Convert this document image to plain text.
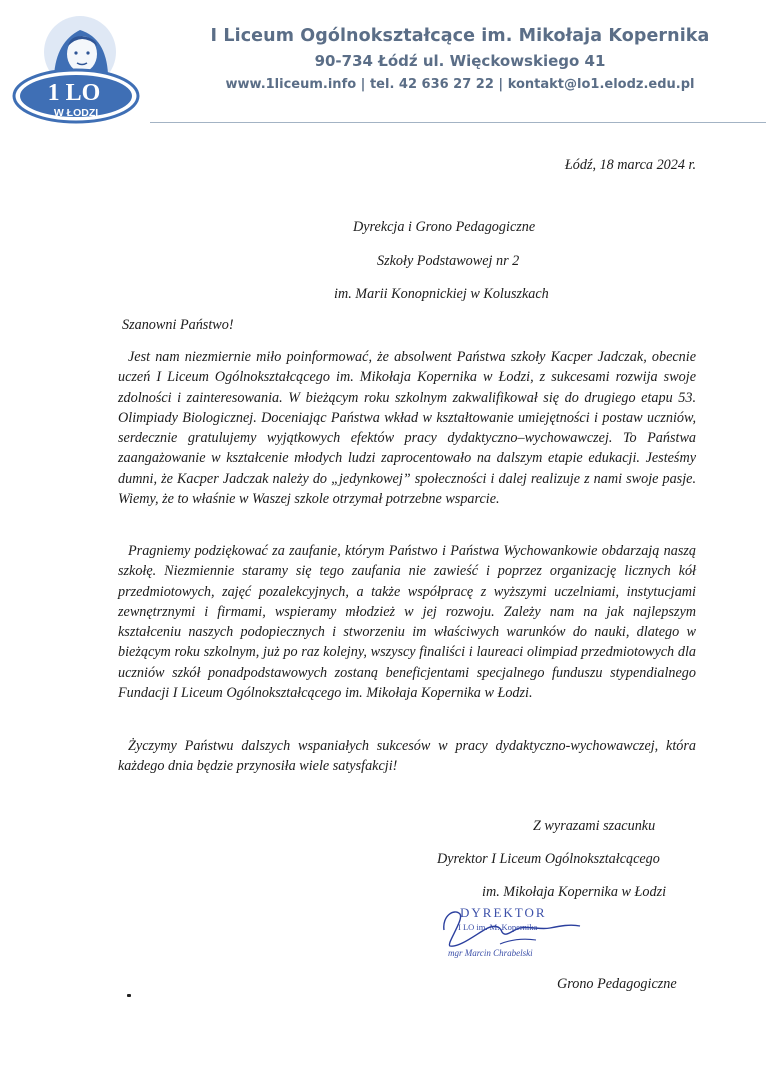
1 LO
W ŁODZI
I Liceum Ogólnokształcące im. Mikołaja Kopernika
90-734 Łódź ul. Więckowskiego 41
www.1liceum.info | tel. 42 636 27 22 | kontakt@lo1.elodz.edu.pl
Łódź, 18 marca 2024 r.
Dyrekcja i Grono Pedagogiczne
Szkoły Podstawowej nr 2
im. Marii Konopnickiej w Koluszkach
Szanowni Państwo!

Jest nam niezmiernie miło poinformować, że absolwent Państwa szkoły Kacper Jadczak, obecnie uczeń I Liceum Ogólnokształcącego im. Mikołaja Kopernika w Łodzi, z sukcesami rozwija swoje zdolności i zainteresowania. W bieżącym roku szkolnym zakwalifikował się do drugiego etapu 53. Olimpiady Biologicznej. Doceniając Państwa wkład w kształtowanie umiejętności i postaw uczniów, serdecznie gratulujemy wyjątkowych efektów pracy dydaktyczno–wychowawczej. To Państwa zaangażowanie w kształcenie młodych ludzi zaprocentowało na dalszym etapie edukacji. Jesteśmy dumni, że Kacper Jadczak należy do „jedynkowej” społeczności i dalej realizuje z nami swoje pasje. Wiemy, że to właśnie w Waszej szkole otrzymał potrzebne wsparcie.

Pragniemy podziękować za zaufanie, którym Państwo i Państwa Wychowankowie obdarzają naszą szkołę. Niezmiennie staramy się tego zaufania nie zawieść i poprzez organizację licznych kół przedmiotowych, zajęć pozalekcyjnych, a także współpracę z wyższymi uczelniami, instytucjami zewnętrznymi i firmami, wspieramy młodzież w jej rozwoju. Zależy nam na jak najlepszym kształceniu naszych podopiecznych i stworzeniu im właściwych warunków do nauki, dlatego w bieżącym roku szkolnym, już po raz kolejny, wszyscy finaliści i laureaci olimpiad przedmiotowych dla uczniów szkół ponadpodstawowych zostaną beneficjentami specjalnego funduszu stypendialnego Fundacji I Liceum Ogólnokształcącego im. Mikołaja Kopernika w Łodzi.

Życzymy Państwu dalszych wspaniałych sukcesów w pracy dydaktyczno-wychowawczej, która każdego dnia będzie przynosiła wiele satysfakcji!

Z wyrazami szacunku
Dyrektor I Liceum Ogólnokształcącego
im. Mikołaja Kopernika w Łodzi
DYREKTOR
I LO im. M. Kopernika
mgr Marcin Chrabelski
Grono Pedagogiczne
